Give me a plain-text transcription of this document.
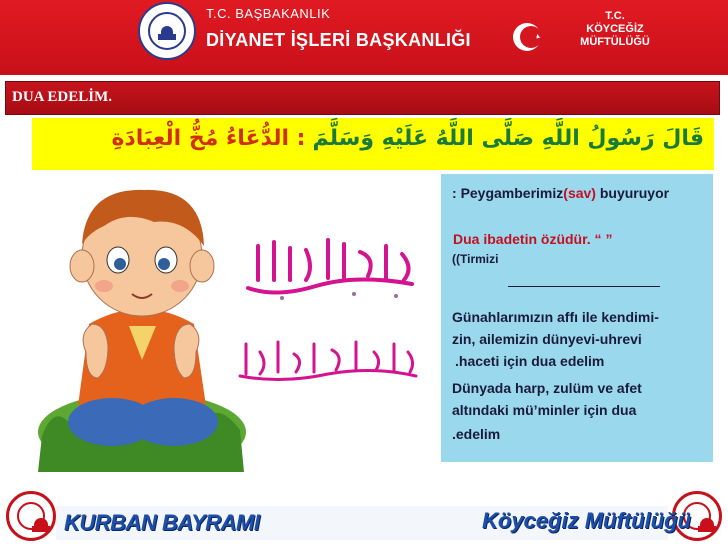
T.C. BAŞBAKANLIK
DİYANET İŞLERİ BAŞKANLIĞI
T.C.
KÖYCEĞİZ
MÜFTÜLÜĞÜ
DUA EDELİM.
قَالَ رَسُولُ اللَّهِ صَلَّى اللَّهُ عَلَيْهِ وَسَلَّمَ : الدُّعَاءُ مُخُّ الْعِبَادَةِ
: Peygamberimiz(sav) buyuruyor
Dua ibadetin özüdür. “ ”
((Tirmizi
Günahlarımızın affı ile kendimi-
zin, ailemizin dünyevi-uhrevi
.haceti için dua edelim
Dünyada harp, zulüm ve afet
altındaki mü’minler için dua
.edelim
KURBAN BAYRAMI	Köyceğiz Müftülüğü
